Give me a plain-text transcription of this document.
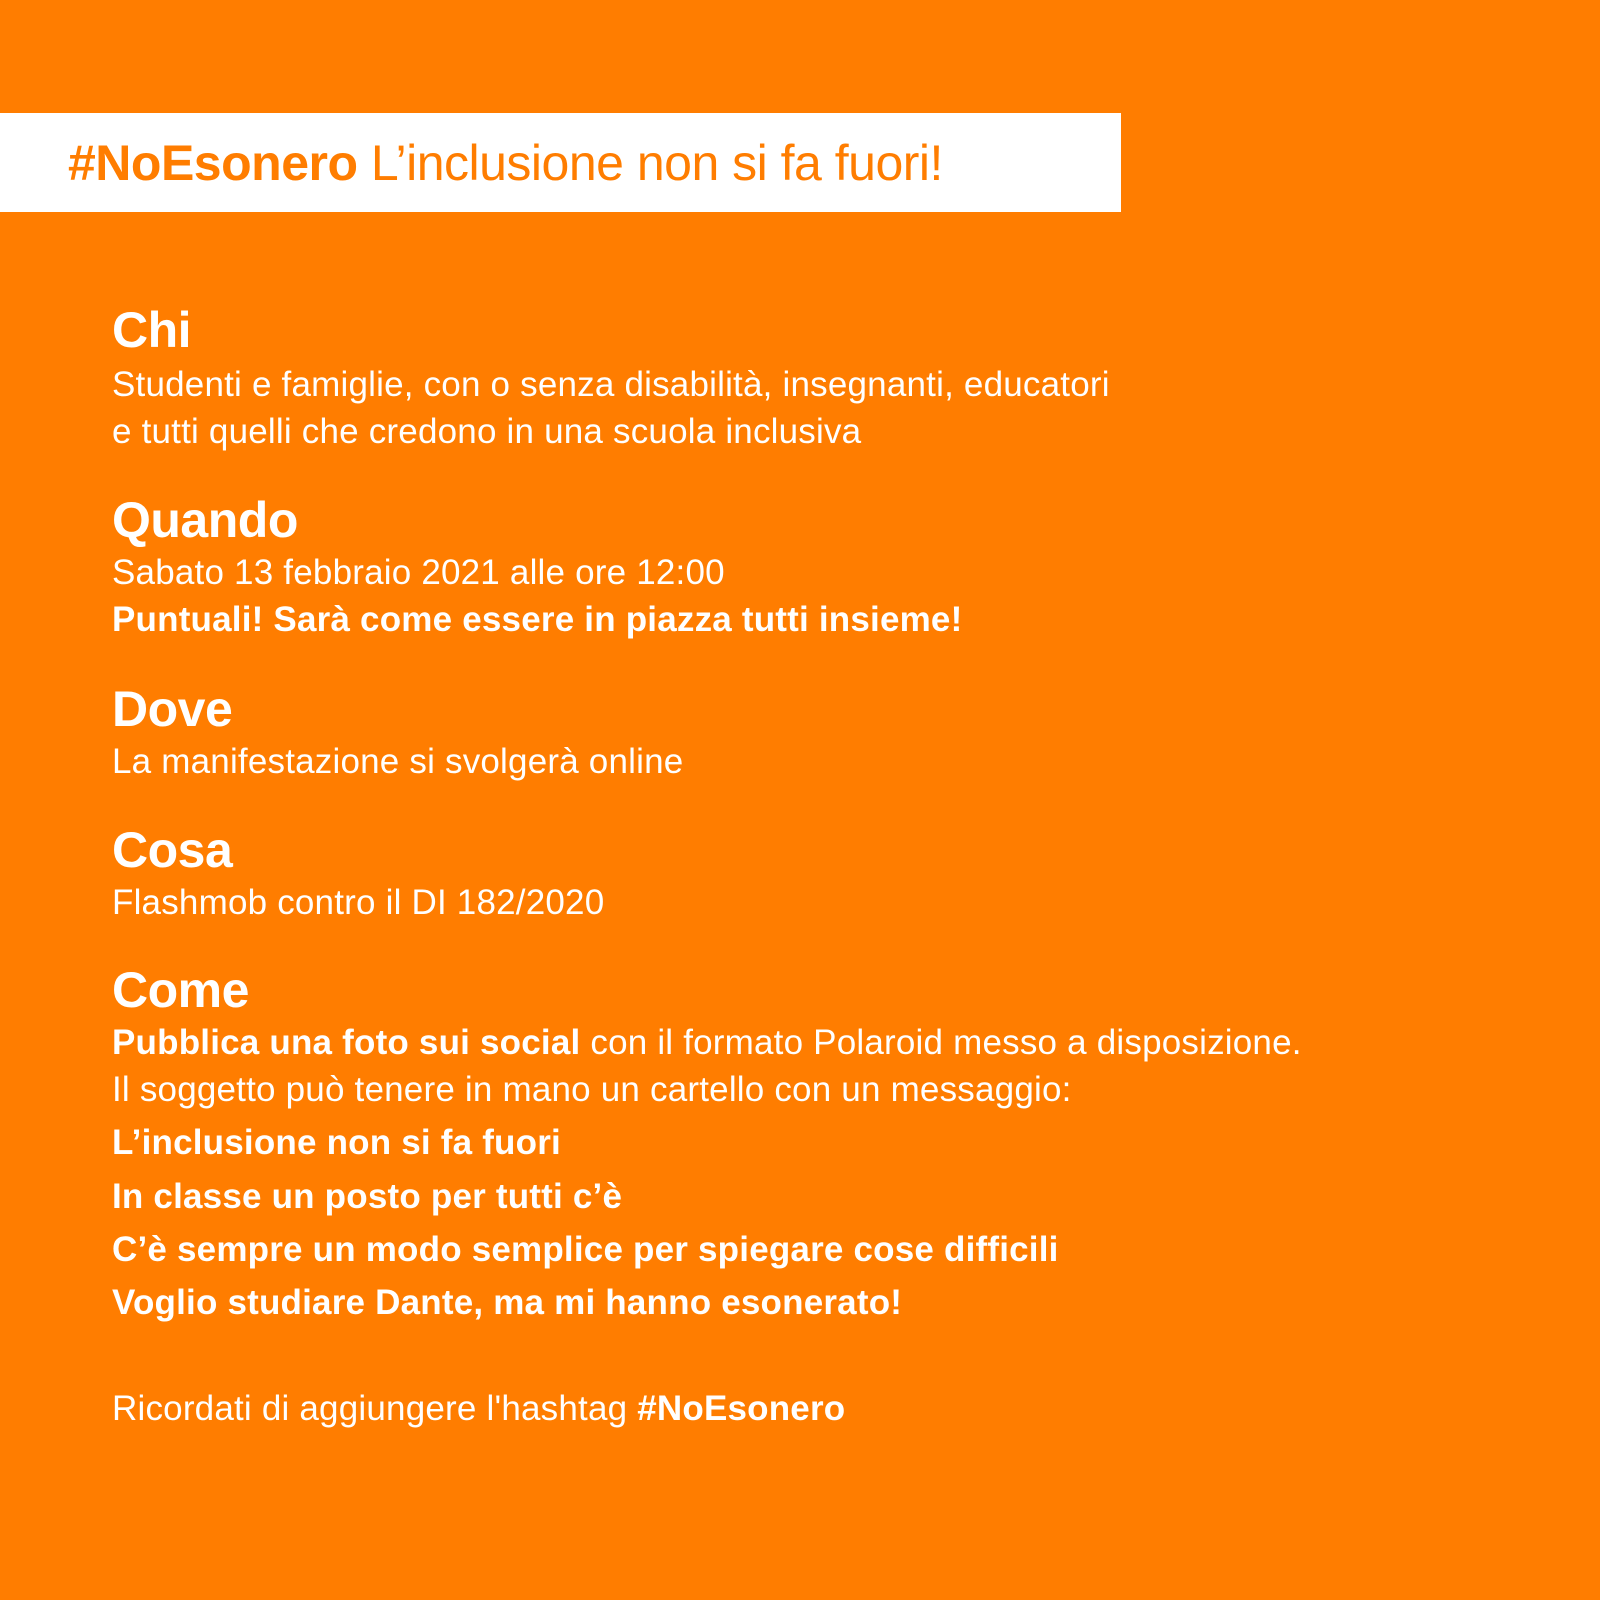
#NoEsonero L’inclusione non si fa fuori!
Chi
Studenti e famiglie, con o senza disabilità, insegnanti, educatori
e tutti quelli che credono in una scuola inclusiva
Quando
Sabato 13 febbraio 2021 alle ore 12:00
Puntuali! Sarà come essere in piazza tutti insieme!
Dove
La manifestazione si svolgerà online
Cosa
Flashmob contro il DI 182/2020
Come
Pubblica una foto sui social con il formato Polaroid messo a disposizione.
Il soggetto può tenere in mano un cartello con un messaggio:
L’inclusione non si fa fuori
In classe un posto per tutti c’è
C’è sempre un modo semplice per spiegare cose difficili
Voglio studiare Dante, ma mi hanno esonerato!
Ricordati di aggiungere l'hashtag #NoEsonero
